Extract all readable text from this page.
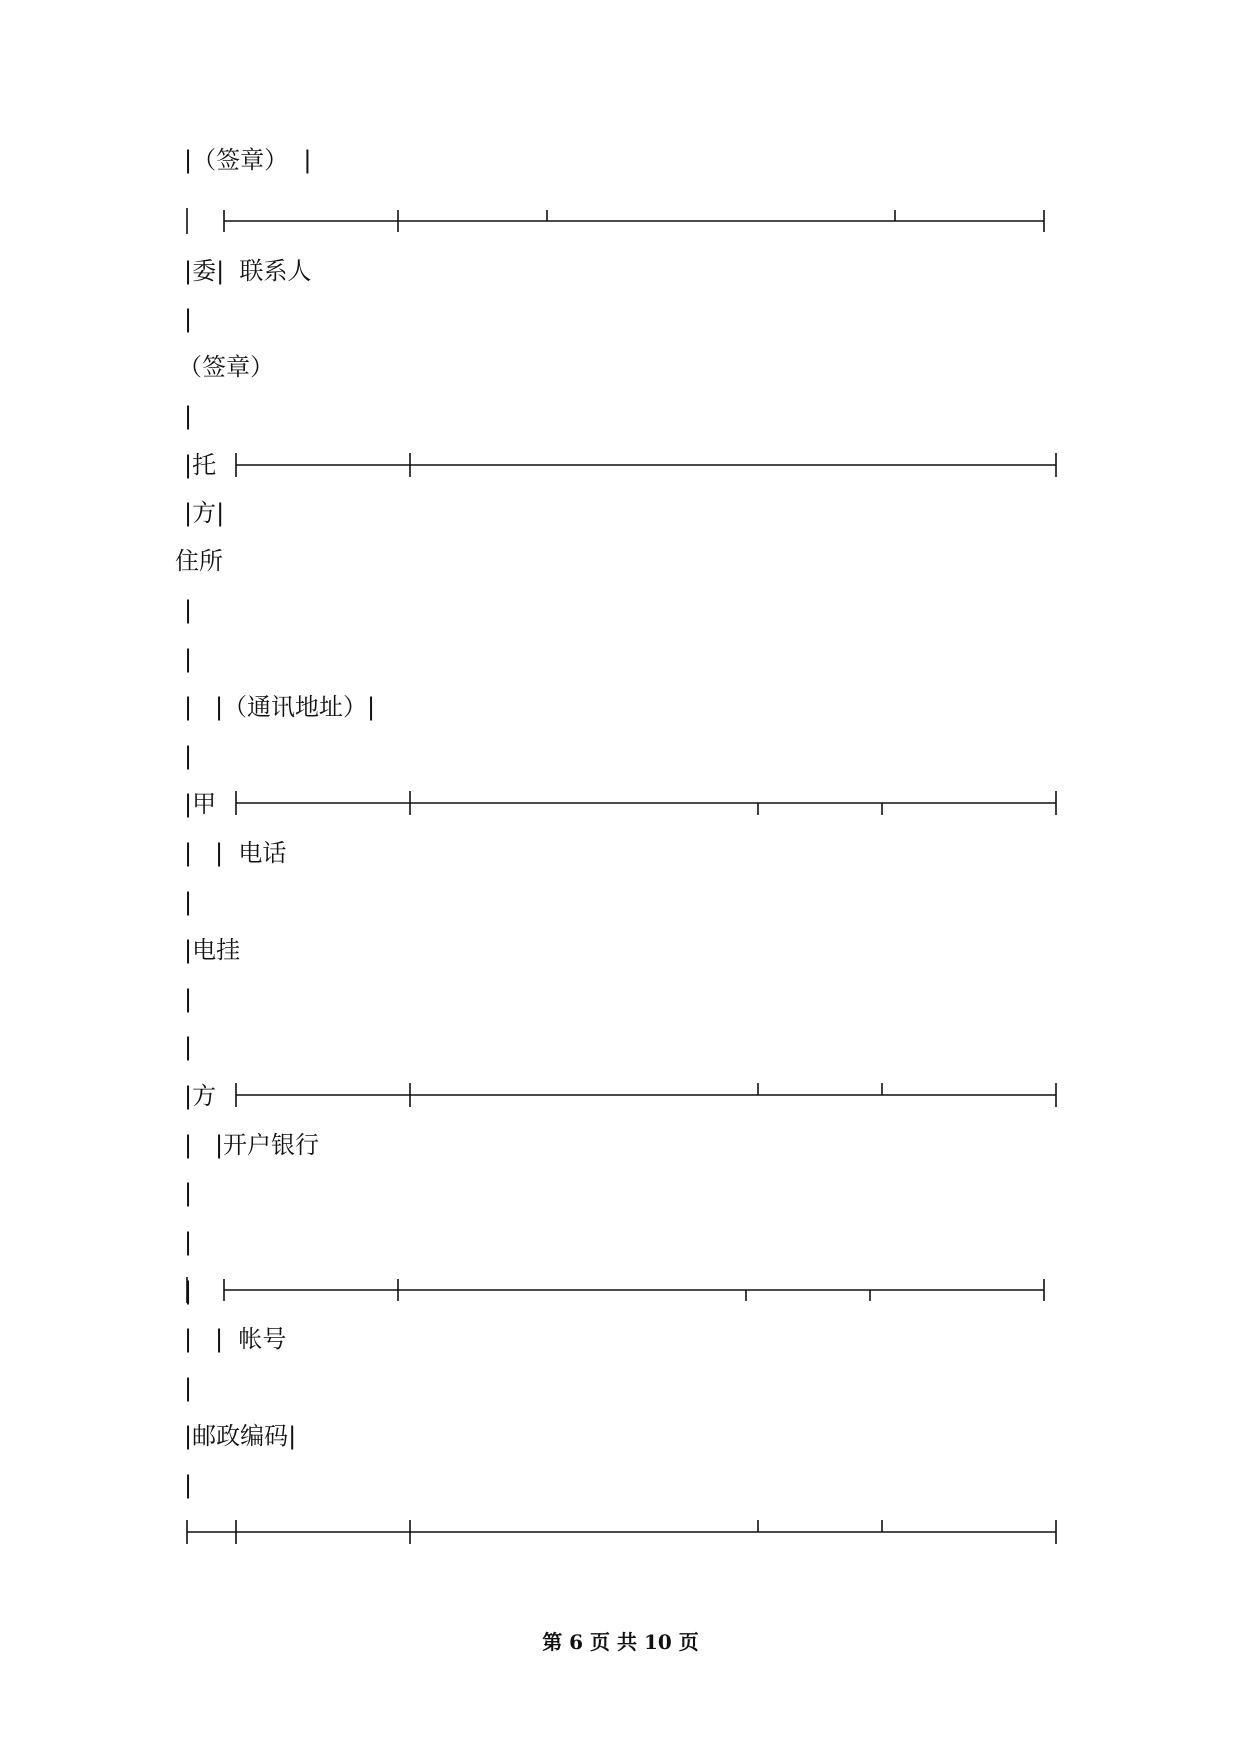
|（签章）  |
|委|  联系人
|
（签章）
|
|托
|方|
住所
|
|
|   |（通讯地址）|
|
|甲
|   |  电话
|
|电挂
|
|
|方
|   |开户银行
|
|
|
|   |  帐号
|
|邮政编码|
|
第 6 页 共 10 页
